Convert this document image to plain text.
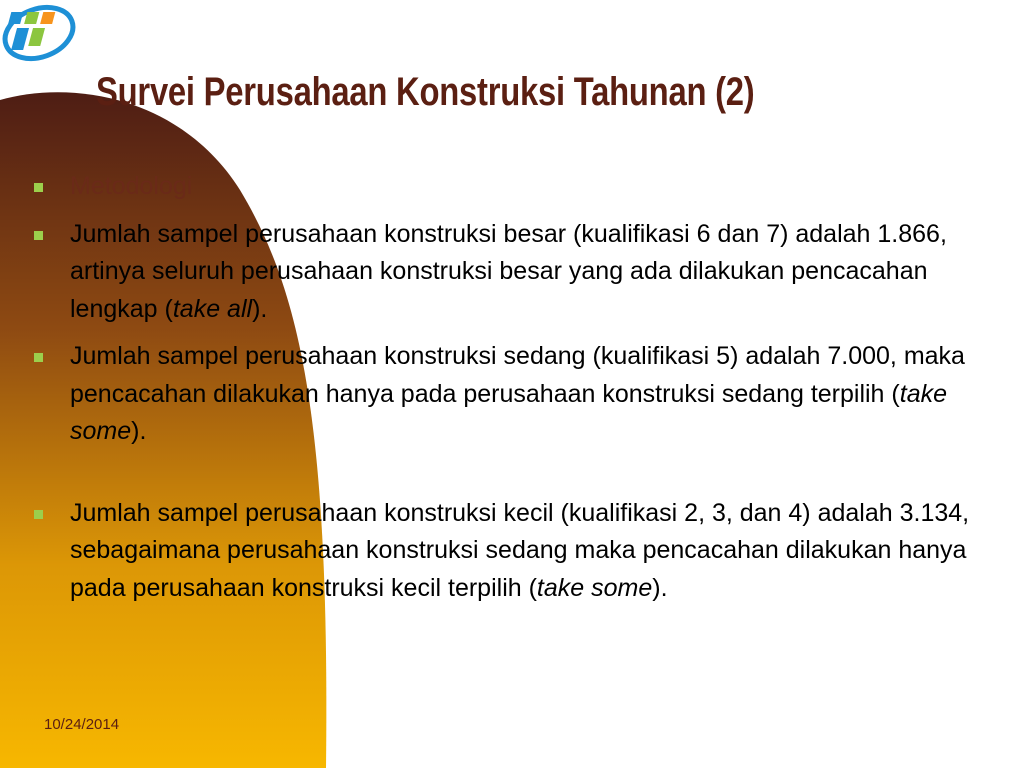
Survei Perusahaan Konstruksi Tahunan (2)
Metodologi
Jumlah sampel perusahaan konstruksi besar (kualifikasi 6 dan 7) adalah 1.866, artinya seluruh perusahaan konstruksi besar yang ada dilakukan pencacahan lengkap (take all).
Jumlah sampel perusahaan konstruksi sedang (kualifikasi 5) adalah 7.000, maka pencacahan dilakukan hanya pada perusahaan konstruksi sedang terpilih (take some).
Jumlah sampel perusahaan konstruksi kecil (kualifikasi 2, 3, dan 4) adalah 3.134, sebagaimana perusahaan konstruksi sedang maka pencacahan dilakukan hanya pada perusahaan konstruksi kecil terpilih (take some).
10/24/2014
